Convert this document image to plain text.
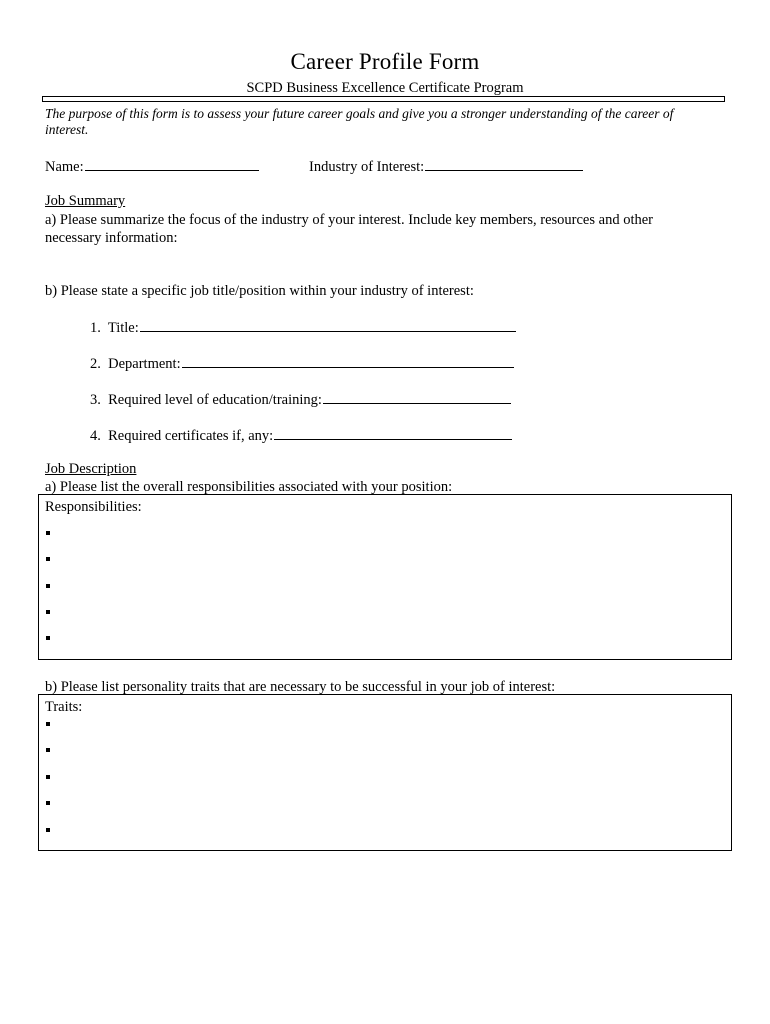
Career Profile Form
SCPD Business Excellence Certificate Program
The purpose of this form is to assess your future career goals and give you a stronger understanding of the career of interest.
Name:	Industry of Interest:
Job Summary
a) Please summarize the focus of the industry of your interest. Include key members, resources and other necessary information:
b) Please state a specific job title/position within your industry of interest:
1. Title:
2. Department:
3. Required level of education/training:
4. Required certificates if, any:
Job Description
a) Please list the overall responsibilities associated with your position:
Responsibilities:
b) Please list personality traits that are necessary to be successful in your job of interest:
Traits:
